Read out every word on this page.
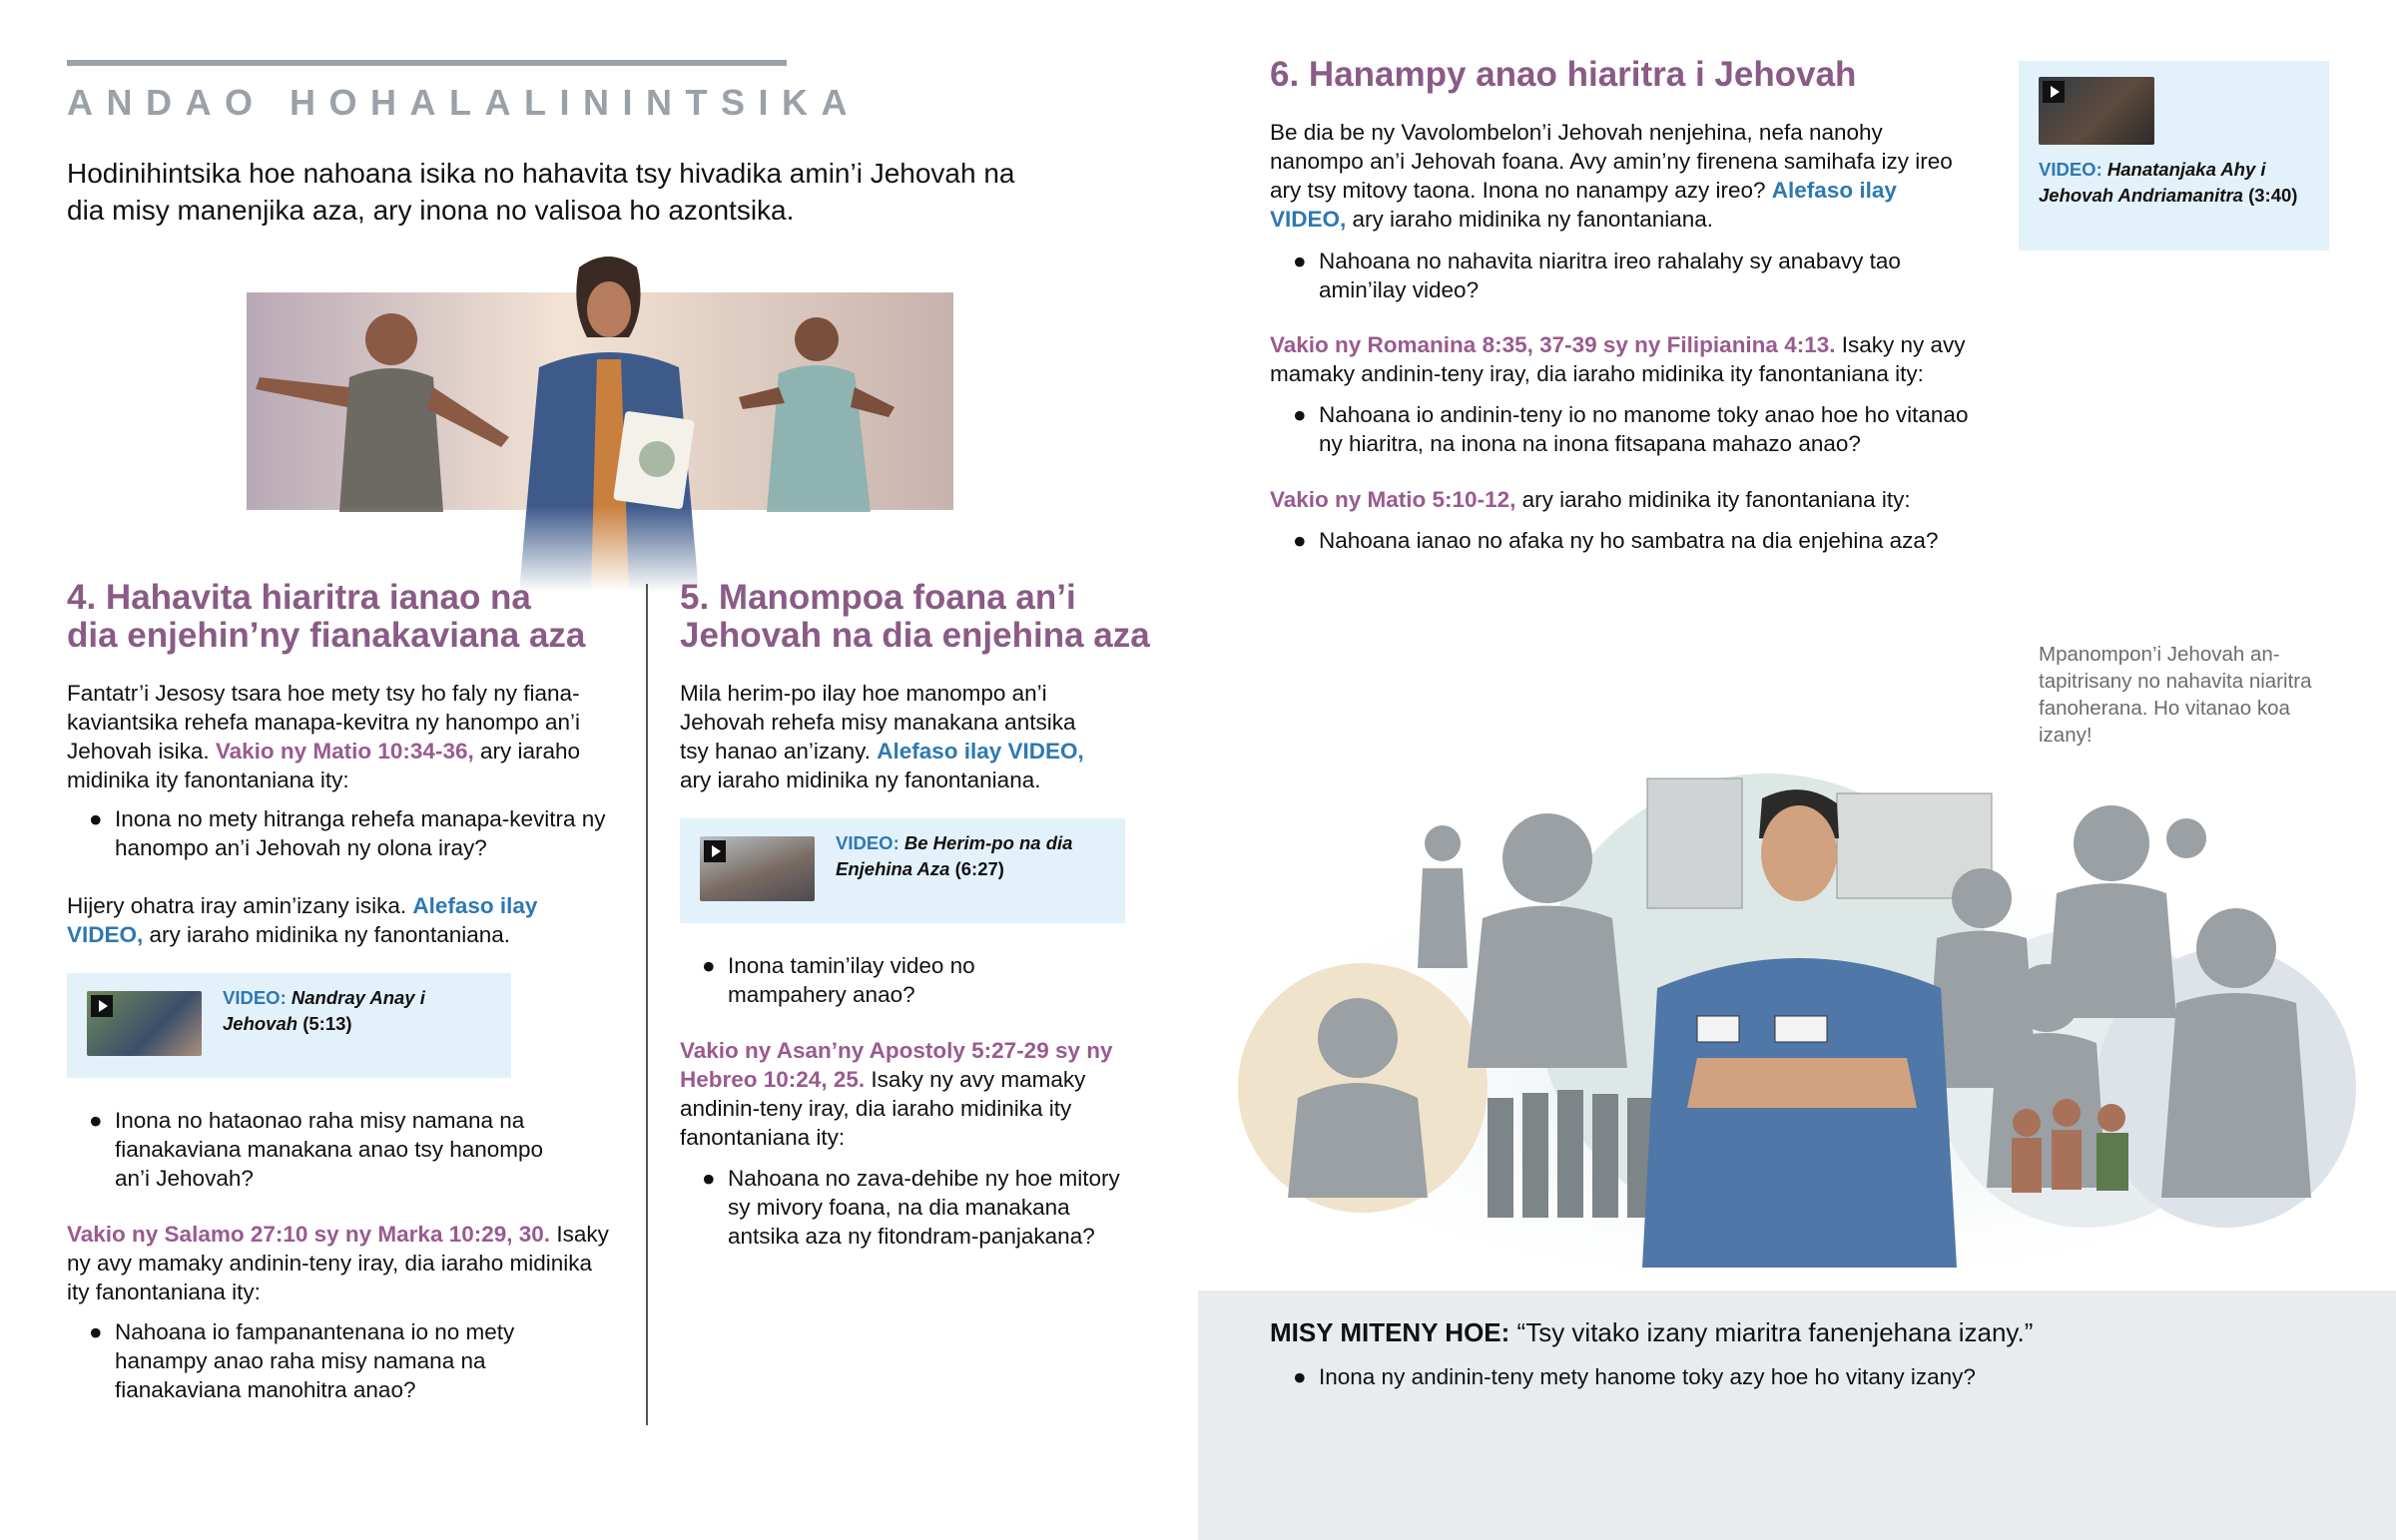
ANDAO HOHALALININTSIKA
Hodinihintsika hoe nahoana isika no hahavita tsy hivadika amin’i Jehovah na dia misy manenjika aza, ary inona no valisoa ho azontsika.
4. Hahavita hiaritra ianao na
dia enjehin’ny fianakaviana aza
Fantatr’i Jesosy tsara hoe mety tsy ho faly ny fiana-kaviantsika rehefa manapa-kevitra ny hanompo an’i Jehovah isika. Vakio ny Matio 10:34-36, ary iaraho midinika ity fanontaniana ity:
● Inona no mety hitranga rehefa manapa-kevitra ny hanompo an’i Jehovah ny olona iray?
Hijery ohatra iray amin’izany isika. Alefaso ilay VIDEO, ary iaraho midinika ny fanontaniana.
VIDEO: Nandray Anay i Jehovah (5:13)
● Inona no hataonao raha misy namana na fianakaviana manakana anao tsy hanompo an’i Jehovah?
Vakio ny Salamo 27:10 sy ny Marka 10:29, 30. Isaky ny avy mamaky andinin-teny iray, dia iaraho midinika ity fanontaniana ity:
● Nahoana io fampanantenana io no mety hanampy anao raha misy namana na fianakaviana manohitra anao?
5. Manompoa foana an’i
Jehovah na dia enjehina aza
Mila herim-po ilay hoe manompo an’i Jehovah rehefa misy manakana antsika tsy hanao an’izany. Alefaso ilay VIDEO, ary iaraho midinika ny fanontaniana.
VIDEO: Be Herim-po na dia Enjehina Aza (6:27)
● Inona tamin’ilay video no mampahery anao?
Vakio ny Asan’ny Apostoly 5:27-29 sy ny Hebreo 10:24, 25. Isaky ny avy mamaky andinin-teny iray, dia iaraho midinika ity fanontaniana ity:
● Nahoana no zava-dehibe ny hoe mitory sy mivory foana, na dia manakana antsika aza ny fitondram-panjakana?
6. Hanampy anao hiaritra i Jehovah
Be dia be ny Vavolombelon’i Jehovah nenjehina, nefa nanohy nanompo an’i Jehovah foana. Avy amin’ny firenena samihafa izy ireo ary tsy mitovy taona. Inona no nanampy azy ireo? Alefaso ilay VIDEO, ary iaraho midinika ny fanontaniana.
● Nahoana no nahavita niaritra ireo rahalahy sy anabavy tao amin’ilay video?
Vakio ny Romanina 8:35, 37-39 sy ny Filipianina 4:13. Isaky ny avy mamaky andinin-teny iray, dia iaraho midinika ity fanontaniana ity:
● Nahoana io andinin-teny io no manome toky anao hoe ho vitanao ny hiaritra, na inona na inona fitsapana mahazo anao?
Vakio ny Matio 5:10-12, ary iaraho midinika ity fanontaniana ity:
● Nahoana ianao no afaka ny ho sambatra na dia enjehina aza?
VIDEO: Hanatanjaka Ahy i Jehovah Andriamanitra (3:40)
Mpanompon’i Jehovah an-tapitrisany no nahavita niaritra fanoherana. Ho vitanao koa izany!
MISY MITENY HOE: “Tsy vitako izany miaritra fanenjehana izany.”
● Inona ny andinin-teny mety hanome toky azy hoe ho vitany izany?
